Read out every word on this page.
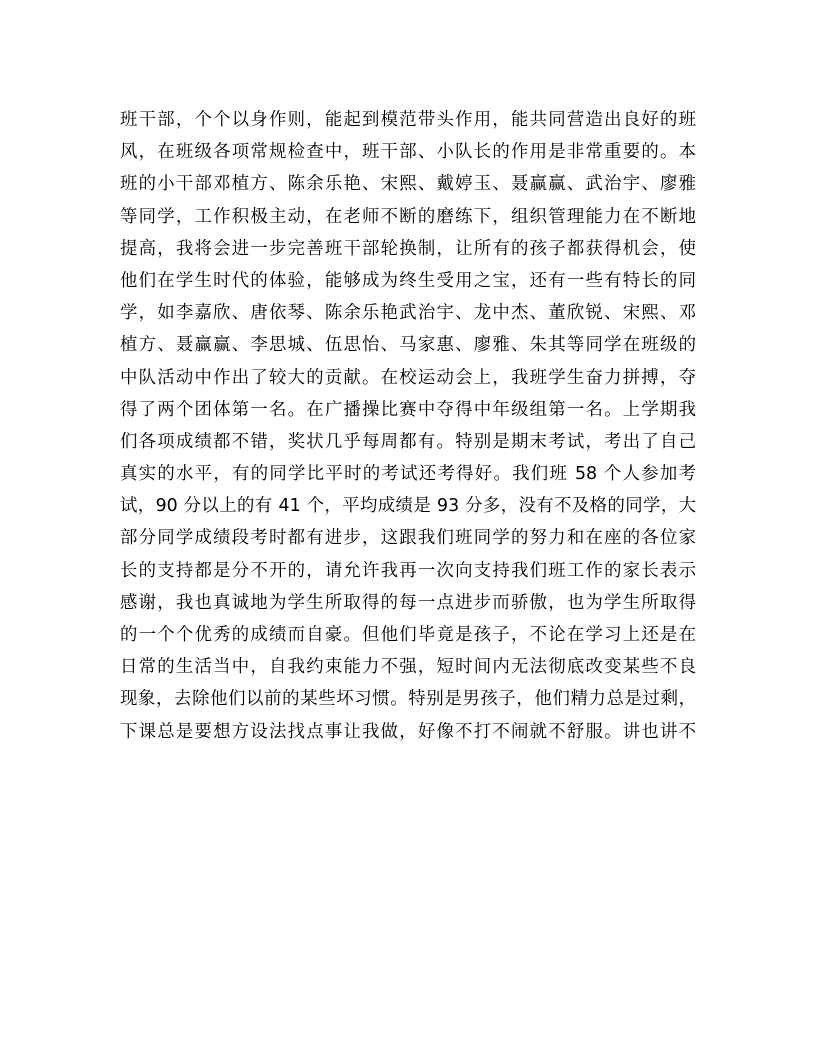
班干部，个个以身作则，能起到模范带头作用，能共同营造出良好的班
风，在班级各项常规检查中，班干部、小队长的作用是非常重要的。本
班的小干部邓植方、陈余乐艳、宋熙、戴婷玉、聂赢赢、武治宇、廖雅
等同学，工作积极主动，在老师不断的磨练下，组织管理能力在不断地
提高，我将会进一步完善班干部轮换制，让所有的孩子都获得机会，使
他们在学生时代的体验，能够成为终生受用之宝，还有一些有特长的同
学，如李嘉欣、唐依琴、陈余乐艳武治宇、龙中杰、董欣锐、宋熙、邓
植方、聂赢赢、李思城、伍思怡、马家惠、廖雅、朱其等同学在班级的
中队活动中作出了较大的贡献。在校运动会上，我班学生奋力拼搏，夺
得了两个团体第一名。在广播操比赛中夺得中年级组第一名。上学期我
们各项成绩都不错，奖状几乎每周都有。特别是期末考试，考出了自己
真实的水平，有的同学比平时的考试还考得好。我们班 58 个人参加考
试，90 分以上的有 41 个，平均成绩是 93 分多，没有不及格的同学，大
部分同学成绩段考时都有进步，这跟我们班同学的努力和在座的各位家
长的支持都是分不开的，请允许我再一次向支持我们班工作的家长表示
感谢，我也真诚地为学生所取得的每一点进步而骄傲，也为学生所取得
的一个个优秀的成绩而自豪。但他们毕竟是孩子，不论在学习上还是在
日常的生活当中，自我约束能力不强，短时间内无法彻底改变某些不良
现象，去除他们以前的某些坏习惯。特别是男孩子，他们精力总是过剩，
下课总是要想方设法找点事让我做，好像不打不闹就不舒服。讲也讲不
